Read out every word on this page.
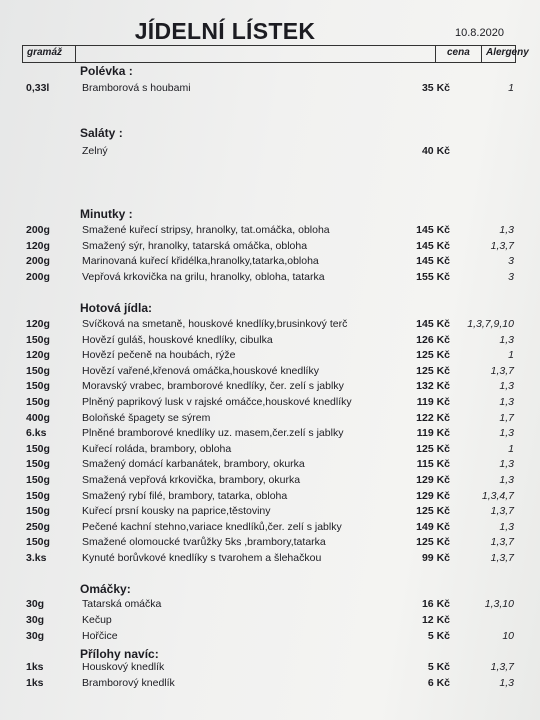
JÍDELNÍ LÍSTEK	10.8.2020
gramáž	cena Alergeny
Polévka :
0,33l	Bramborová s houbami	35 Kč	1
Saláty :
Zelný	40 Kč
Minutky :
200g	Smažené kuřecí stripsy, hranolky, tat.omáčka, obloha	145 Kč	1,3
120g	Smažený sýr, hranolky, tatarská omáčka, obloha	145 Kč	1,3,7
200g	Marinovaná kuřecí křidélka,hranolky,tatarka,obloha	145 Kč	3
200g	Vepřová krkovička na grilu, hranolky, obloha, tatarka	155 Kč	3
Hotová jídla:
120g	Svíčková na smetaně, houskové knedlíky,brusinkový terč	145 Kč 1,3,7,9,10
150g	Hovězí guláš, houskové knedlíky, cibulka	126 Kč	1,3
120g	Hovězí pečeně na houbách, rýže	125 Kč	1
150g	Hovězí vařené,křenová omáčka,houskové knedlíky	125 Kč	1,3,7
150g	Moravský vrabec, bramborové knedlíky, čer. zelí s jablky	132 Kč	1,3
150g	Plněný paprikový lusk v rajské omáčce,houskové knedlíky	119 Kč	1,3
400g	Boloňské špagety se sýrem	122 Kč	1,7
6.ks	Plněné bramborové knedlíky uz. masem,čer.zelí s jablky	119 Kč	1,3
150g	Kuřecí roláda, brambory, obloha	125 Kč	1
150g	Smažený domácí karbanátek, brambory, okurka	115 Kč	1,3
150g	Smažená vepřová krkovička, brambory, okurka	129 Kč	1,3
150g	Smažený rybí filé, brambory, tatarka, obloha	129 Kč	1,3,4,7
150g	Kuřecí prsní kousky na paprice,těstoviny	125 Kč	1,3,7
250g	Pečené kachní stehno,variace knedlíků,čer. zelí s jablky	149 Kč	1,3
150g	Smažené olomoucké tvarůžky 5ks ,brambory,tatarka	125 Kč	1,3,7
3.ks	Kynuté borůvkové knedlíky s tvarohem a šlehačkou	99 Kč	1,3,7
Omáčky:
30g	Tatarská omáčka	16 Kč	1,3,10
30g	Kečup	12 Kč
30g	Hořčice	5 Kč	10
Přílohy navíc:
1ks	Houskový knedlík	5 Kč	1,3,7
1ks	Bramborový knedlík	6 Kč	1,3
